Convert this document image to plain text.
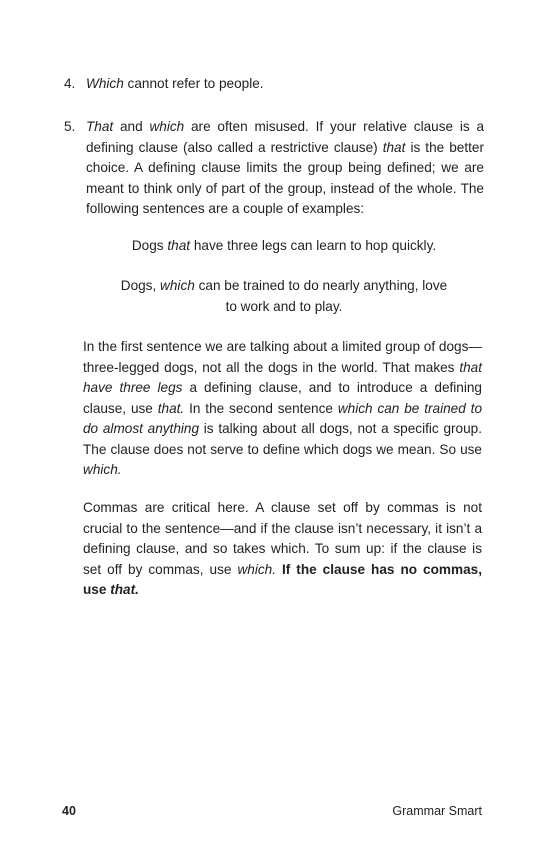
4. Which cannot refer to people.
5. That and which are often misused. If your relative clause is a defining clause (also called a restrictive clause) that is the better choice. A defining clause limits the group being defined; we are meant to think only of part of the group, instead of the whole. The following sentences are a couple of examples:
Dogs that have three legs can learn to hop quickly.
Dogs, which can be trained to do nearly anything, love
to work and to play.
In the first sentence we are talking about a limited group of dogs—three-legged dogs, not all the dogs in the world. That makes that have three legs a defining clause, and to introduce a defining clause, use that. In the second sentence which can be trained to do almost anything is talking about all dogs, not a specific group. The clause does not serve to define which dogs we mean. So use which.
Commas are critical here. A clause set off by commas is not crucial to the sentence—and if the clause isn’t necessary, it isn’t a defining clause, and so takes which. To sum up: if the clause is set off by commas, use which. If the clause has no commas, use that.
40	Grammar Smart
